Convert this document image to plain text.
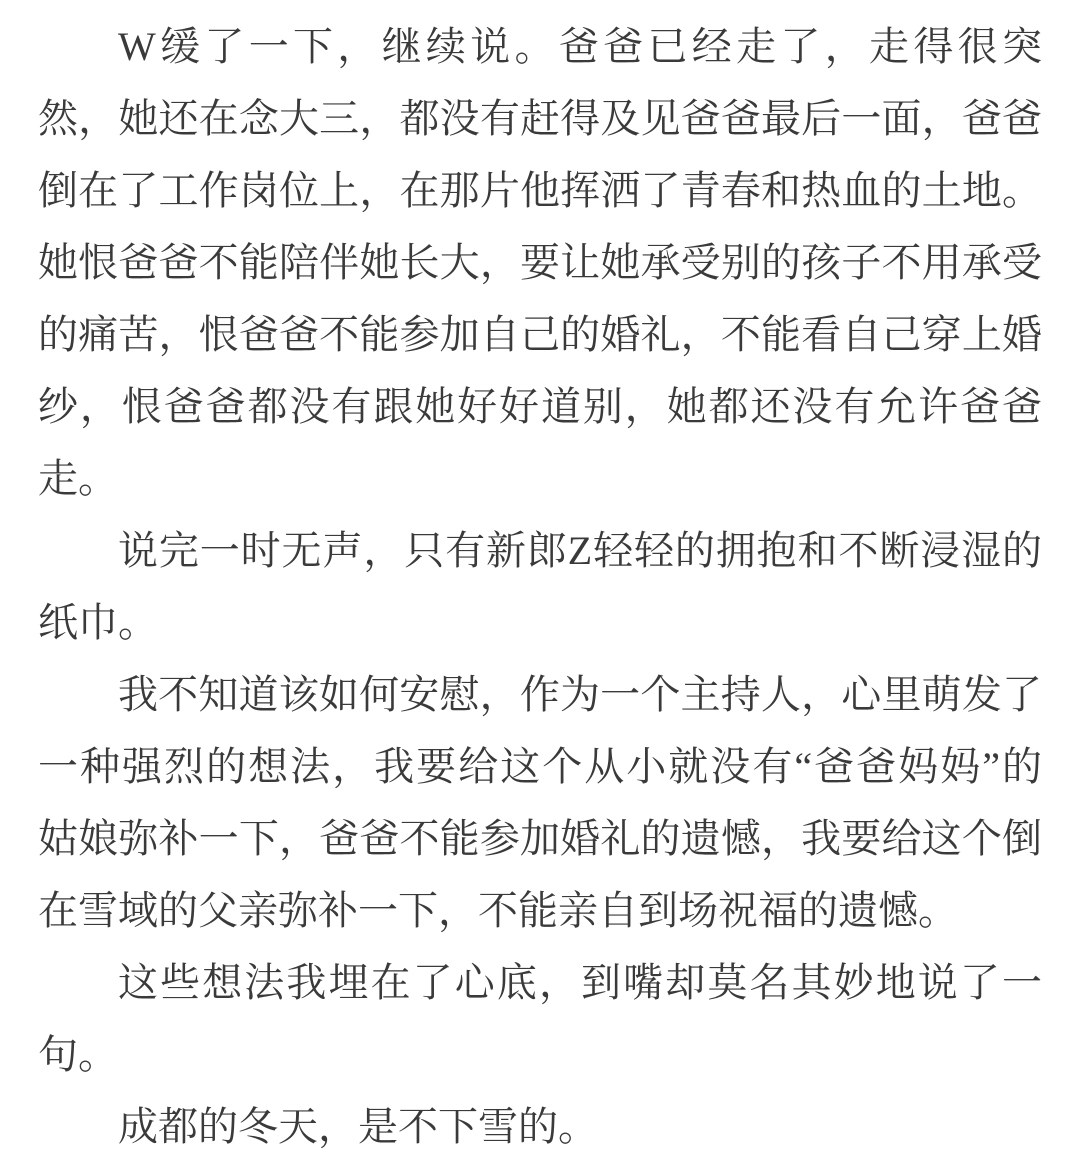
W缓了一下，继续说。爸爸已经走了，走得很突
然，她还在念大三，都没有赶得及见爸爸最后一面，爸爸
倒在了工作岗位上，在那片他挥洒了青春和热血的土地。
她恨爸爸不能陪伴她长大，要让她承受别的孩子不用承受
的痛苦，恨爸爸不能参加自己的婚礼，不能看自己穿上婚
纱，恨爸爸都没有跟她好好道别，她都还没有允许爸爸
走。
说完一时无声，只有新郎Z轻轻的拥抱和不断浸湿的
纸巾。
我不知道该如何安慰，作为一个主持人，心里萌发了
一种强烈的想法，我要给这个从小就没有“爸爸妈妈”的
姑娘弥补一下，爸爸不能参加婚礼的遗憾，我要给这个倒
在雪域的父亲弥补一下，不能亲自到场祝福的遗憾。
这些想法我埋在了心底，到嘴却莫名其妙地说了一
句。
成都的冬天，是不下雪的。
